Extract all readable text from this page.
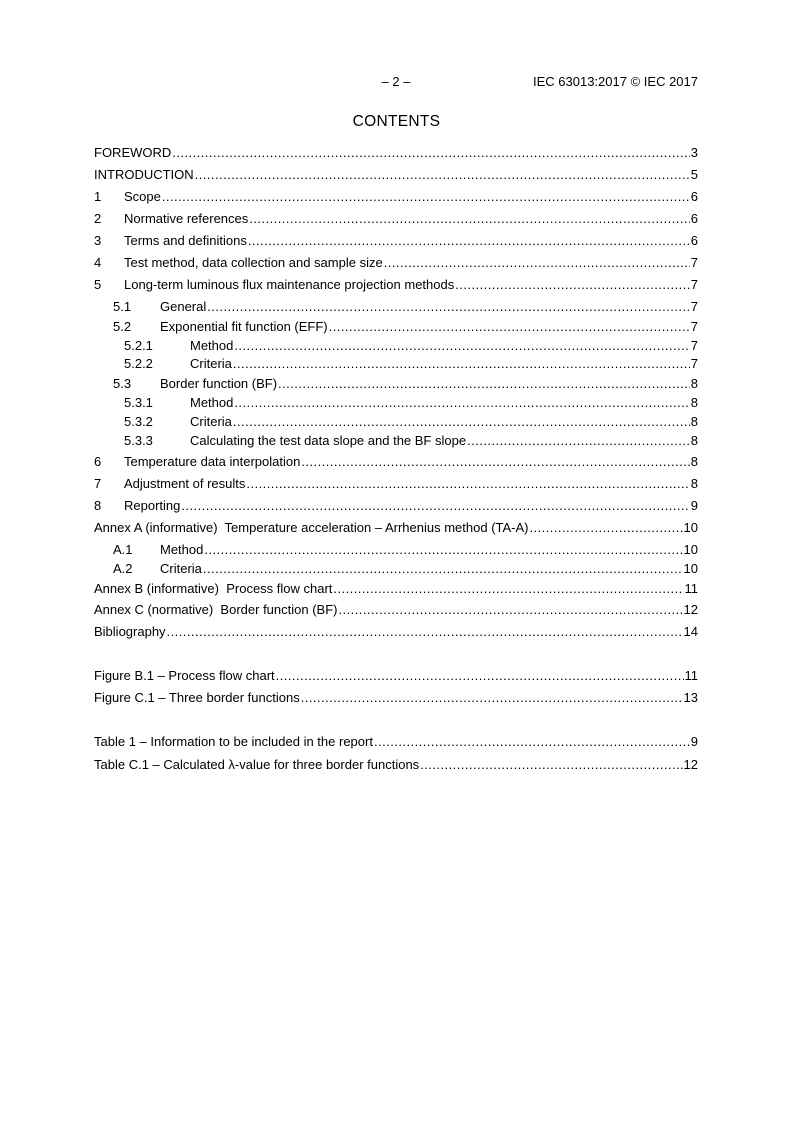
– 2 –	IEC 63013:2017 © IEC 2017
CONTENTS
FOREWORD .....	3
INTRODUCTION .....	5
1	Scope .....	6
2	Normative references .....	6
3	Terms and definitions .....	6
4	Test method, data collection and sample size .....	7
5	Long-term luminous flux maintenance projection methods .....	7
5.1	General .....	7
5.2	Exponential fit function (EFF) .....	7
5.2.1	Method .....	7
5.2.2	Criteria .....	7
5.3	Border function (BF) .....	8
5.3.1	Method .....	8
5.3.2	Criteria .....	8
5.3.3	Calculating the test data slope and the BF slope .....	8
6	Temperature data interpolation .....	8
7	Adjustment of results .....	8
8	Reporting .....	9
Annex A (informative)  Temperature acceleration – Arrhenius method (TA-A) .....	10
A.1	Method .....	10
A.2	Criteria .....	10
Annex B (informative)  Process flow chart .....	11
Annex C (normative)  Border function (BF) .....	12
Bibliography .....	14
Figure B.1 – Process flow chart .....	11
Figure C.1 – Three border functions .....	13
Table 1 – Information to be included in the report .....	9
Table C.1 – Calculated λ-value for three border functions .....	12
